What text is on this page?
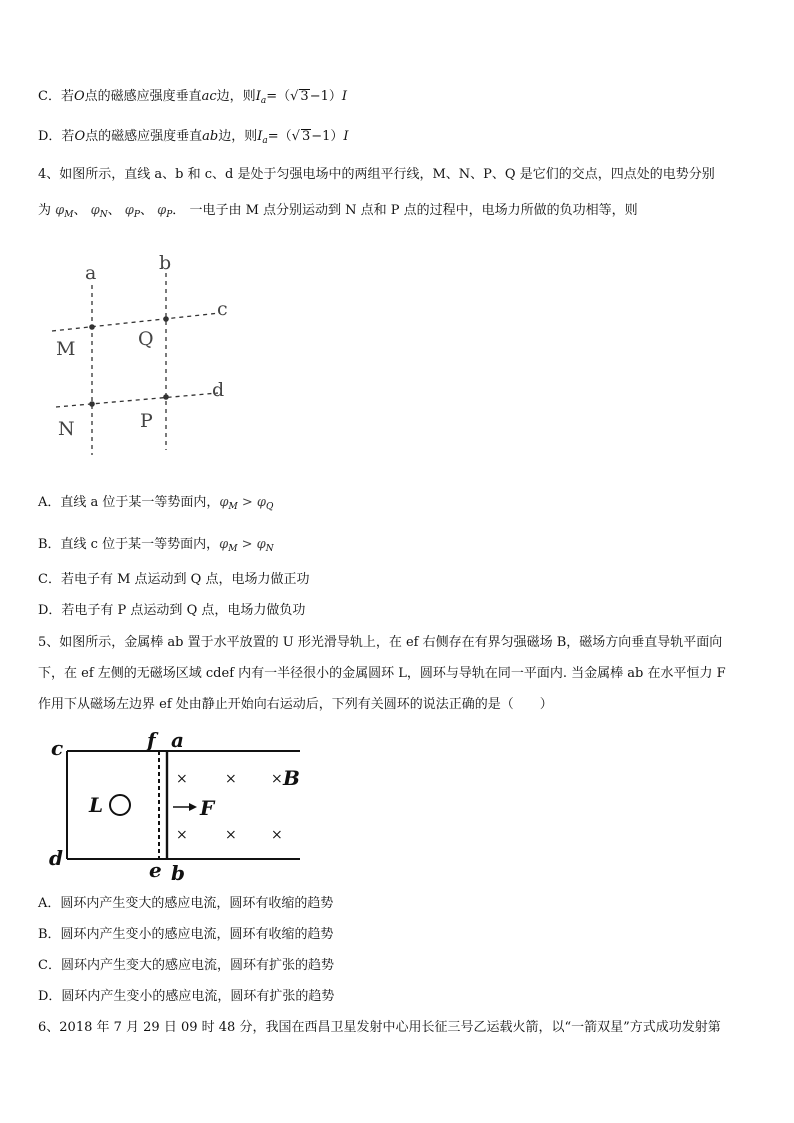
C．若O点的磁感应强度垂直ac边，则$I_a=(√$ 3−1）I
D．若O点的磁感应强度垂直ab边，则$I_a=(√$ 3−1）I
4、如图所示，直线 a、b 和 c、d 是处于匀强电场中的两组平行线，M、N、P、Q 是它们的交点，四点处的电势分别
为 $\varphi_M$、 $\varphi_N$、 $\varphi_P$、 $\varphi_P$． 一电子由 M 点分别运动到 N 点和 P 点的过程中，电场力所做的负功相等，则
a	b
c
d
M	Q
N	P
A．直线 a 位于某一等势面内，$\varphi_M > \varphi_Q$
B．直线 c 位于某一等势面内，$\varphi_M > \varphi_N$
C．若电子有 M 点运动到 Q 点，电场力做正功
D．若电子有 P 点运动到 Q 点，电场力做负功
5、如图所示，金属棒 ab 置于水平放置的 U 形光滑导轨上，在 ef 右侧存在有界匀强磁场 B，磁场方向垂直导轨平面向
下，在 ef 左侧的无磁场区域 cdef 内有一半径很小的金属圆环 L，圆环与导轨在同一平面内. 当金属棒 ab 在水平恒力 F
作用下从磁场左边界 ef 处由静止开始向右运动后，下列有关圆环的说法正确的是（　　）
×	× ×
×	× ×
c
d
f a
e b
B
L	F
A．圆环内产生变大的感应电流，圆环有收缩的趋势
B．圆环内产生变小的感应电流，圆环有收缩的趋势
C．圆环内产生变大的感应电流，圆环有扩张的趋势
D．圆环内产生变小的感应电流，圆环有扩张的趋势
6、2018 年 7 月 29 日 09 时 48 分，我国在西昌卫星发射中心用长征三号乙运载火箭，以“一箭双星”方式成功发射第
